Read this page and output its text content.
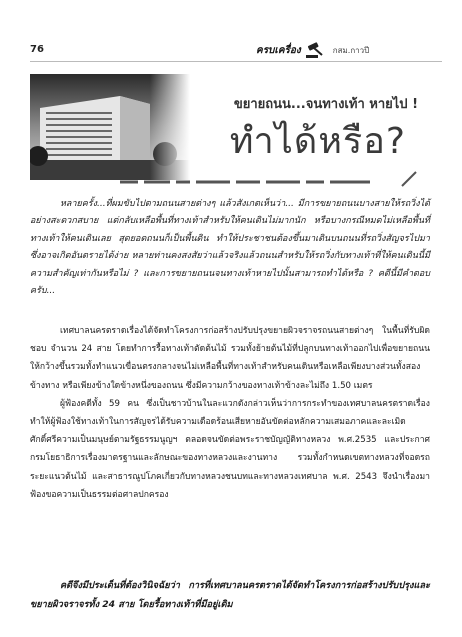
76	ครบเครื่อง	กสม.กาวปี
ขยายถนน...จนทางเท้า หายไป !
ทำได้หรือ?

หลายครั้ง...ที่ผมขับไปตามถนนสายต่างๆ แล้วสังเกตเห็นว่า... มีการขยายถนนบางสายให้รถวิ่งได้อย่างสะดวกสบาย แต่กลับเหลือพื้นที่ทางเท้าสำหรับให้คนเดินไม่มากนัก หรือบางกรณีหมดไม่เหลือพื้นที่ทางเท้าให้คนเดินเลย สุดยอดถนนก็เป็นพื้นดิน ทำให้ประชาชนต้องขึ้นมาเดินบนถนนที่รถวิ่งสัญจรไปมาซึ่งอาจเกิดอันตรายได้ง่าย หลายท่านคงสงสัยว่าแล้วจริงแล้วถนนสำหรับให้รถวิ่งกับทางเท้าที่ให้คนเดินนี้มีความสำคัญเท่ากันหรือไม่ ? และการขยายถนนจนทางเท้าหายไปนั้นสามารถทำได้หรือ ? คดีนี้มีคำตอบครับ...

เทศบาลนครตราดเรื่องได้จัดทำโครงการก่อสร้างปรับปรุงขยายผิวจราจรถนนสายต่างๆ ในพื้นที่รับผิดชอบ จำนวน 24 สาย โดยทำการรื้อทางเท้าตัดต้นไม้ รวมทั้งย้ายต้นไม้ที่ปลูกบนทางเท้าออกไปเพื่อขยายถนนให้กว้างขึ้นรวมทั้งทำแนวเขื่อนตรงกลางจนไม่เหลือพื้นที่ทางเท้าสำหรับคนเดินหรือเหลือเพียงบางส่วนทั้งสองข้างทาง หรือเพียงข้างใดข้างหนึ่งของถนน ซึ่งมีความกว้างของทางเท้าข้างละไม่ถึง 1.50 เมตร

ผู้ฟ้องคดีทั้ง 59 คน ซึ่งเป็นชาวบ้านในละแวกดังกล่าวเห็นว่าการกระทำของเทศบาลนครตราดเรื่อง ทำให้ผู้ฟ้องใช้ทางเท้าในการสัญจรได้รับความเดือดร้อนเสียหายอันขัดต่อหลักความเสมอภาคและละเมิดศักดิ์ศรีความเป็นมนุษย์ตามรัฐธรรมนูญฯ ตลอดจนขัดต่อพระราชบัญญัติทางหลวง พ.ศ.2535 และประกาศกรมโยธาธิการเรื่องมาตรฐานและลักษณะของทางหลวงและงานทาง รวมทั้งกำหนดเขตทางหลวงที่จอดรถ ระยะแนวต้นไม้ และสาธารณูปโภคเกี่ยวกับทางหลวงชนบทและทางหลวงเทศบาล พ.ศ. 2543 จึงนำเรื่องมาฟ้องขอความเป็นธรรมต่อศาลปกครอง

คดีจึงมีประเด็นที่ต้องวินิจฉัยว่า การที่เทศบาลนครตราดได้จัดทำโครงการก่อสร้างปรับปรุงและขยายผิวจราจรทั้ง 24 สาย โดยรื้อทางเท้าที่มีอยู่เดิม
